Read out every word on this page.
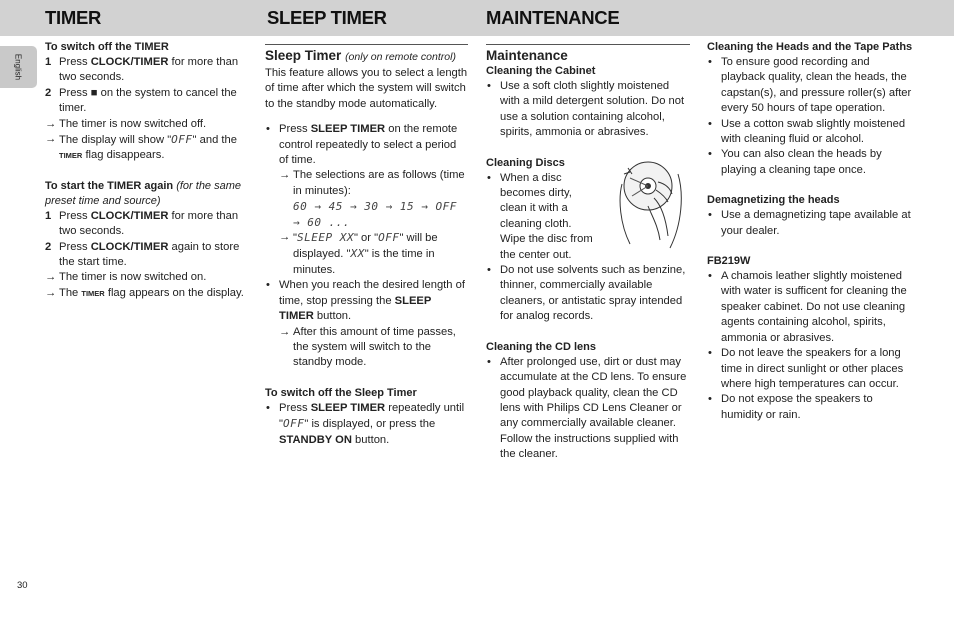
TIMER	SLEEP TIMER	MAINTENANCE
English
To switch off the TIMER
1 Press CLOCK/TIMER for more than two seconds.
2 Press ■ on the system to cancel the timer.
→ The timer is now switched off.
→ The display will show "OFF" and the TIMER flag disappears.
To start the TIMER again (for the same preset time and source)
1 Press CLOCK/TIMER for more than two seconds.
2 Press CLOCK/TIMER again to store the start time.
→ The timer is now switched on.
→ The TIMER flag appears on the display.
Sleep Timer (only on remote control)
This feature allows you to select a length of time after which the system will switch to the standby mode automatically.
• Press SLEEP TIMER on the remote control repeatedly to select a period of time.
→ The selections are as follows (time in minutes):
60 → 45 → 30 → 15 → OFF → 60 ...
→ "SLEEP XX" or "OFF" will be displayed. "XX" is the time in minutes.
• When you reach the desired length of time, stop pressing the SLEEP TIMER button.
→ After this amount of time passes, the system will switch to the standby mode.
To switch off the Sleep Timer
• Press SLEEP TIMER repeatedly until "OFF" is displayed, or press the STANDBY ON button.
Maintenance
Cleaning the Cabinet
• Use a soft cloth slightly moistened with a mild detergent solution. Do not use a solution containing alcohol, spirits, ammonia or abrasives.
Cleaning Discs
• When a disc becomes dirty, clean it with a cleaning cloth. Wipe the disc from the center out.
• Do not use solvents such as benzine, thinner, commercially available cleaners, or antistatic spray intended for analog records.
Cleaning the CD lens
• After prolonged use, dirt or dust may accumulate at the CD lens. To ensure good playback quality, clean the CD lens with Philips CD Lens Cleaner or any commercially available cleaner. Follow the instructions supplied with the cleaner.
Cleaning the Heads and the Tape Paths
• To ensure good recording and playback quality, clean the heads, the capstan(s), and pressure roller(s) after every 50 hours of tape operation.
• Use a cotton swab slightly moistened with cleaning fluid or alcohol.
• You can also clean the heads by playing a cleaning tape once.
Demagnetizing the heads
• Use a demagnetizing tape available at your dealer.
FB219W
• A chamois leather slightly moistened with water is sufficent for cleaning the speaker cabinet. Do not use cleaning agents containing alcohol, spirits, ammonia or abrasives.
• Do not leave the speakers for a long time in direct sunlight or other places where high temperatures can occur.
• Do not expose the speakers to humidity or rain.
30
